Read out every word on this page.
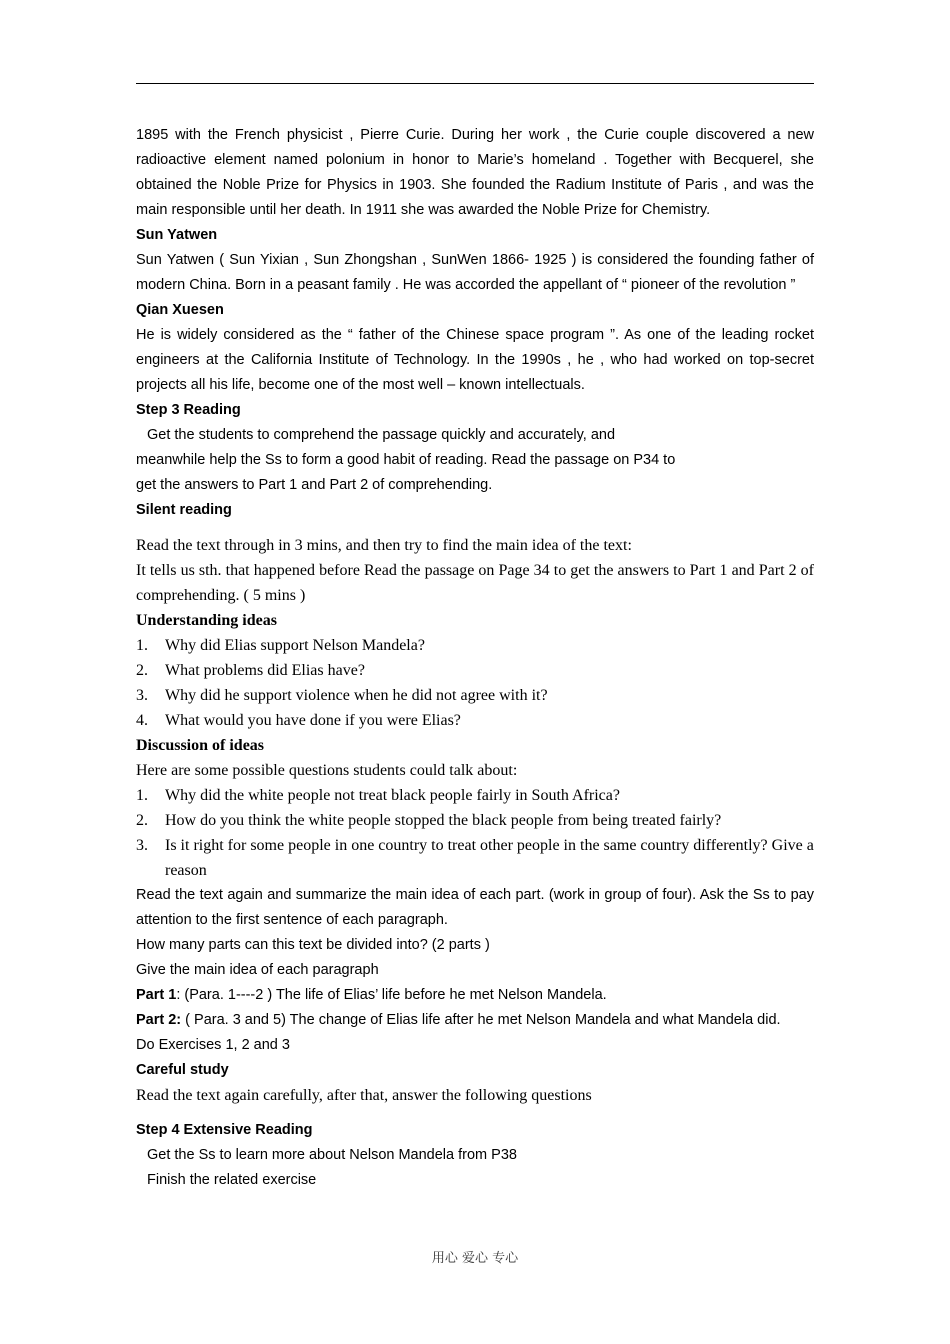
1895 with the French physicist , Pierre Curie. During her work , the Curie couple discovered a new radioactive element named polonium in honor to Marie’s homeland . Together with Becquerel, she obtained the Noble Prize for Physics in 1903. She founded the Radium Institute of Paris , and was the main responsible until her death. In 1911 she was awarded the Noble Prize for Chemistry.

Sun Yatwen

Sun Yatwen ( Sun Yixian , Sun Zhongshan , SunWen 1866- 1925 ) is considered the founding father of modern China. Born in a peasant family . He was accorded the appellant of “ pioneer of the revolution ”

Qian Xuesen

He is widely considered as the “ father of the Chinese space program ”. As one of the leading rocket engineers at the California Institute of Technology. In the 1990s , he , who had worked on top-secret projects all his life, become one of the most well – known intellectuals.

Step 3 Reading

Get the students to comprehend the passage quickly and accurately, and

meanwhile help the Ss to form a good habit of reading. Read the passage on P34 to

get the answers to Part 1 and Part 2 of comprehending.

Silent reading

Read the text through in 3 mins, and then try to find the main idea of the text:

It tells us sth. that happened before Read the passage on Page 34 to get the answers to Part 1 and Part 2 of comprehending. ( 5 mins )

Understanding ideas

1. Why did Elias support Nelson Mandela?
2. What problems did Elias have?
3. Why did he support violence when he did not agree with it?
4. What would you have done if you were Elias?

Discussion of ideas

Here are some possible questions students could talk about:

1. Why did the white people not treat black people fairly in South Africa?
2. How do you think the white people stopped the black people from being treated fairly?
3. Is it right for some people in one country to treat other people in the same country differently? Give a reason

Read the text again and summarize the main idea of each part. (work in group of four). Ask the Ss to pay attention to the first sentence of each paragraph.

How many parts can this text be divided into? (2 parts )

Give the main idea of each paragraph

Part 1: (Para. 1----2 ) The life of Elias’ life before he met Nelson Mandela.

Part 2: ( Para. 3 and 5) The change of Elias life after he met Nelson Mandela and what Mandela did.

Do Exercises 1, 2 and 3

Careful study

Read the text again carefully, after that, answer the following questions

Step 4 Extensive Reading

Get the Ss to learn more about Nelson Mandela from P38

Finish the related exercise

用心 爱心 专心
